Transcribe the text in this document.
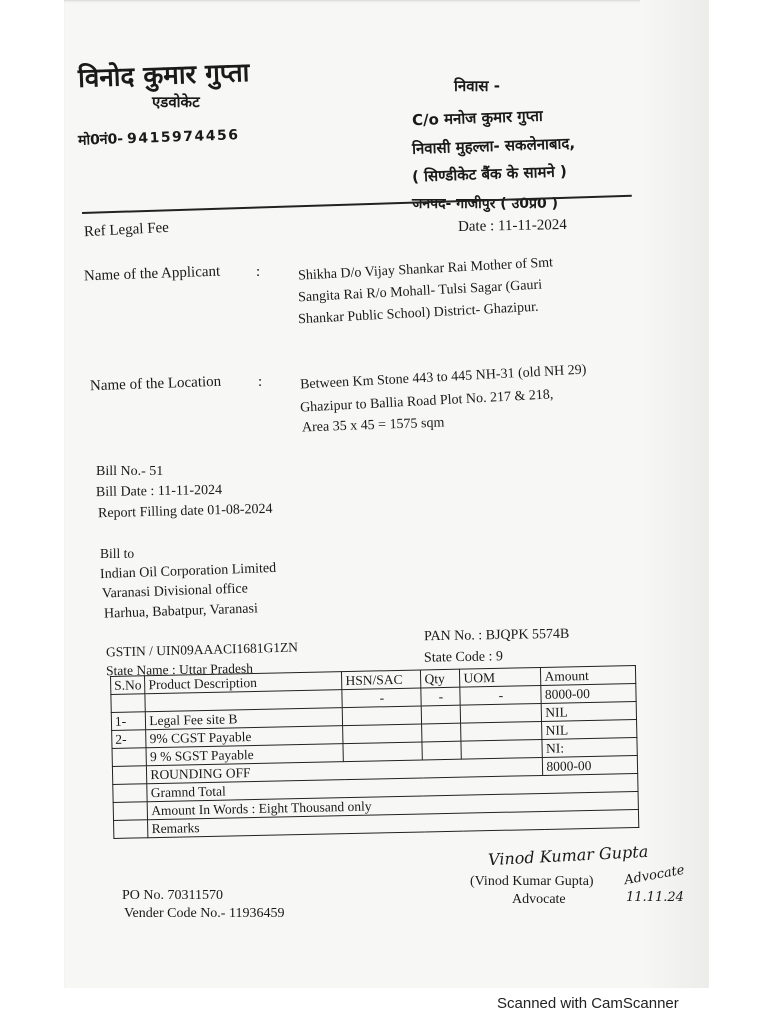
विनोद कुमार गुप्ता
एडवोकेट
मो0नं0- 9415974456
निवास -
C/o मनोज कुमार गुप्ता
निवासी मुहल्ला- सकलेनाबाद,
( सिण्डीकेट बैंक के सामने )
जनपद- गाजीपुर ( उ0प्र0 )
Ref Legal Fee	Date : 11-11-2024
Name of the Applicant :	Shikha D/o Vijay Shankar Rai Mother of Smt
Sangita Rai R/o Mohall- Tulsi Sagar (Gauri
Shankar Public School) District- Ghazipur.
Name of the Location :	Between Km Stone 443 to 445 NH-31 (old NH 29)
Ghazipur to Ballia Road Plot No. 217 & 218,
Area 35 x 45 = 1575 sqm
Bill No.- 51
Bill Date : 11-11-2024
Report Filling date 01-08-2024
Bill to
Indian Oil Corporation Limited
Varanasi Divisional office
Harhua, Babatpur, Varanasi
GSTIN / UIN09AAACI1681G1ZN
State Name : Uttar Pradesh
PAN No. : BJQPK 5574B
State Code : 9
S.No	Product Description	HSN/SAC	Qty	UOM	Amount
		-	-	-	8000-00
1-	Legal Fee site B				NIL
2-	9% CGST Payable				NIL
	9 % SGST Payable				NI:
	ROUNDING OFF				8000-00
	Gramnd Total				
	Amount In Words : Eight Thousand only				
	Remarks				
Vinod Kumar Gupta
Advocate
11.11.24
(Vinod Kumar Gupta)
Advocate
PO No. 70311570
Vender Code No.- 11936459
Scanned with CamScanner
